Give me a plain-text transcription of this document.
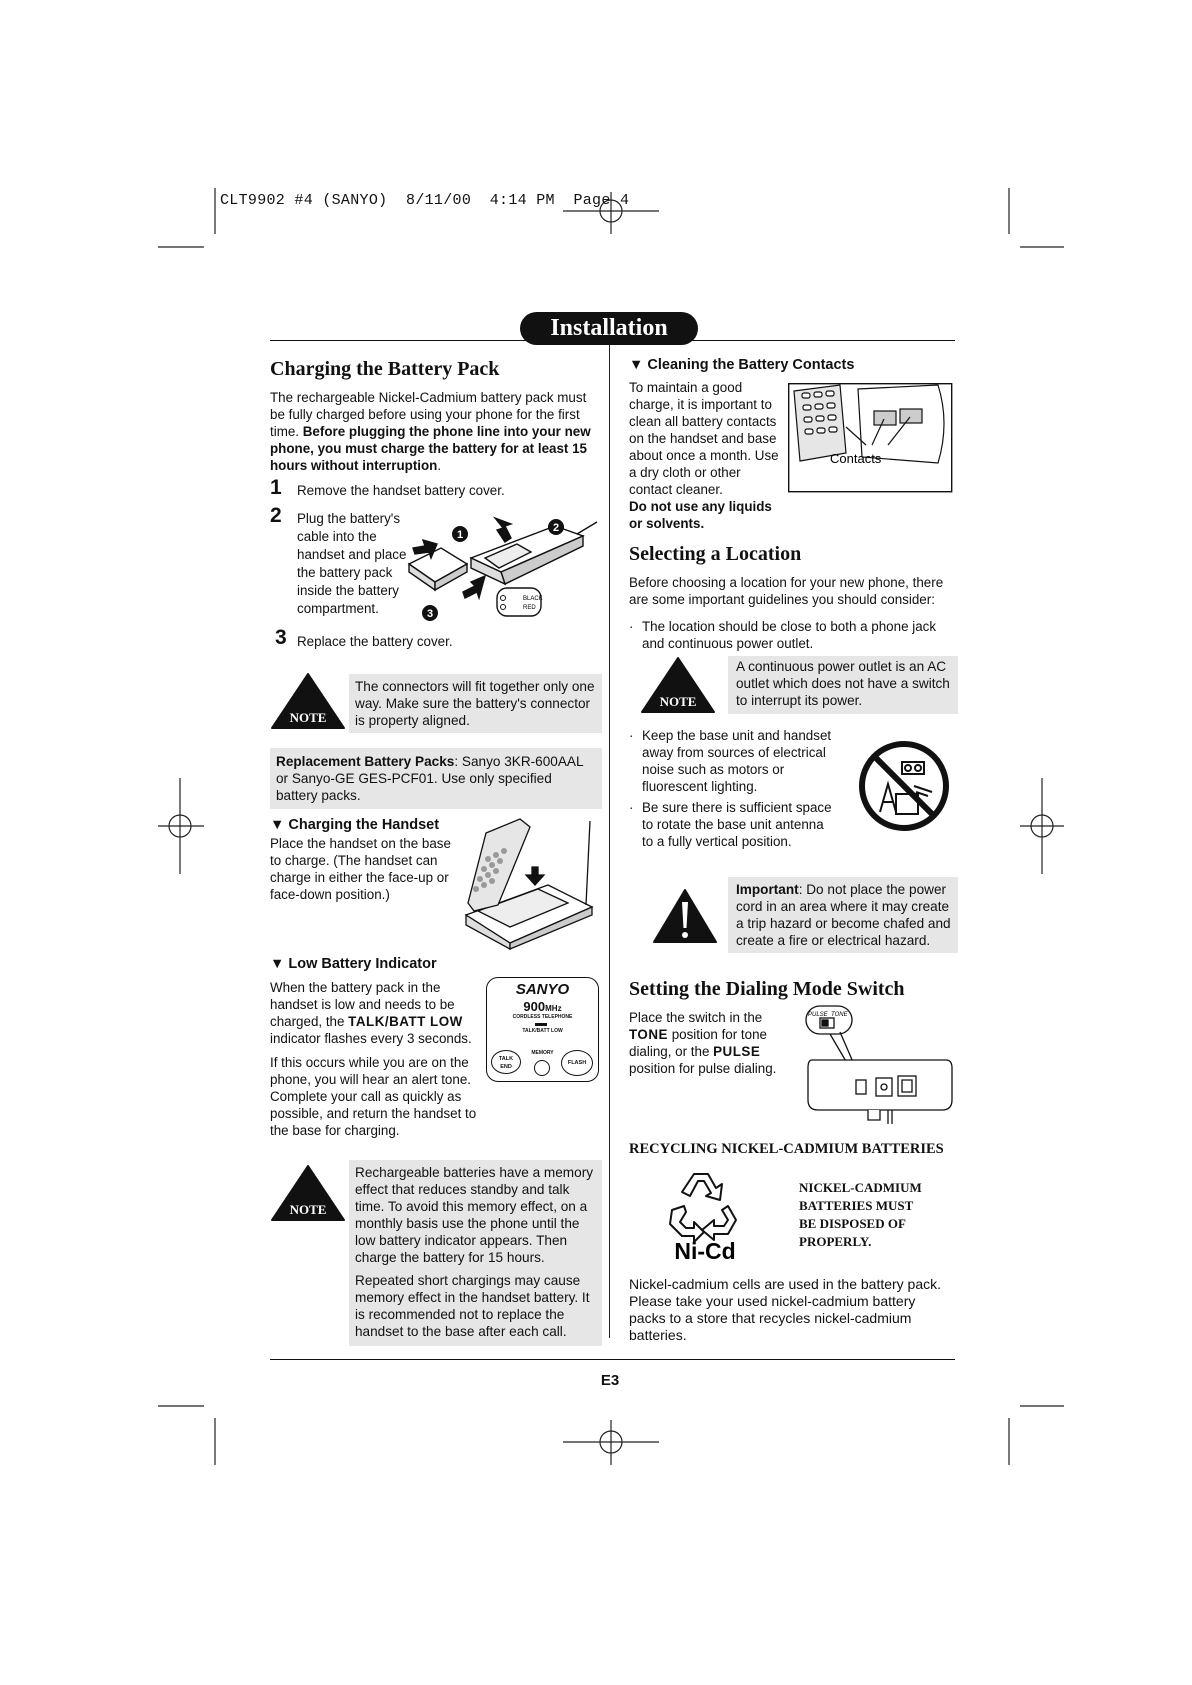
CLT9902 #4 (SANYO)  8/11/00  4:14 PM  Page 4
Installation
Charging the Battery Pack
The rechargeable Nickel-Cadmium battery pack must be fully charged before using your phone for the first time. Before plugging the phone line into your new phone, you must charge the battery for at least 15 hours without interruption.
1 Remove the handset battery cover.
2 Plug the battery's cable into the handset and place the battery pack inside the battery compartment.
BLACK
RED
1
2
3
3 Replace the battery cover.
NOTE
The connectors will fit together only one way. Make sure the battery's connector is property aligned.
Replacement Battery Packs: Sanyo 3KR-600AAL or Sanyo-GE GES-PCF01. Use only specified battery packs.
▼ Charging the Handset
Place the handset on the base to charge. (The handset can charge in either the face-up or face-down position.)
▼ Low Battery Indicator
When the battery pack in the handset is low and needs to be charged, the TALK/BATT LOW indicator flashes every 3 seconds.
If this occurs while you are on the phone, you will hear an alert tone. Complete your call as quickly as possible, and return the handset to the base for charging.
SANYO
900MHz
CORDLESS TELEPHONE
TALK/BATT LOW
MEMORY
TALK
END
FLASH
NOTE
Rechargeable batteries have a memory effect that reduces standby and talk time. To avoid this memory effect, on a monthly basis use the phone until the low battery indicator appears. Then charge the battery for 15 hours.
Repeated short chargings may cause memory effect in the handset battery. It is recommended not to replace the handset to the base after each call.
▼ Cleaning the Battery Contacts
To maintain a good charge, it is important to clean all battery contacts on the handset and base about once a month. Use a dry cloth or other contact cleaner.
Do not use any liquids or solvents.
Contacts
Selecting a Location
Before choosing a location for your new phone, there are some important guidelines you should consider:
· The location should be close to both a phone jack and continuous power outlet.
NOTE
A continuous power outlet is an AC outlet which does not have a switch to interrupt its power.
· Keep the base unit and handset away from sources of electrical noise such as motors or fluorescent lighting.
· Be sure there is sufficient space to rotate the base unit antenna to a fully vertical position.
Important: Do not place the power cord in an area where it may create a trip hazard or become chafed and create a fire or electrical hazard.
Setting the Dialing Mode Switch
Place the switch in the TONE position for tone dialing, or the PULSE position for pulse dialing.
PULSE  TONE
RECYCLING NICKEL-CADMIUM BATTERIES
Ni-Cd
NICKEL-CADMIUM BATTERIES MUST BE DISPOSED OF PROPERLY.
Nickel-cadmium cells are used in the battery pack. Please take your used nickel-cadmium battery packs to a store that recycles nickel-cadmium batteries.
E3
